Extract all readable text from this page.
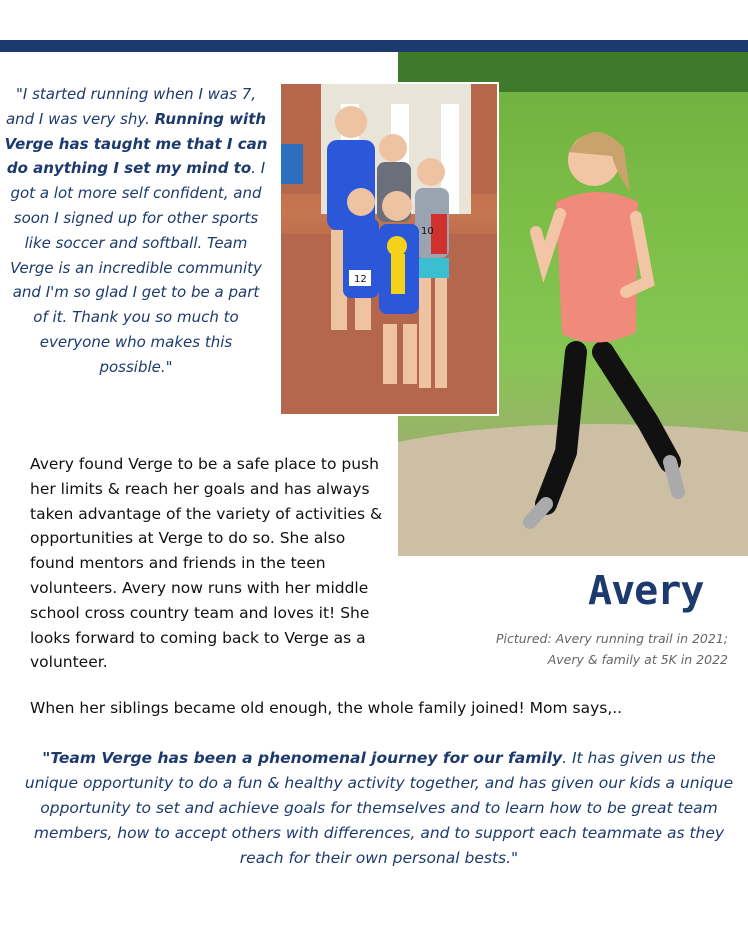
"I started running when I was 7, and I was very shy. Running with Verge has taught me that I can do anything I set my mind to. I got a lot more self confident, and soon I signed up for other sports like soccer and softball. Team Verge is an incredible community and I'm so glad I get to be a part of it. Thank you so much to everyone who makes this possible."
12
10
Avery found Verge to be a safe place to push her limits & reach her goals and has always taken advantage of the variety of activities & opportunities at Verge to do so. She also found mentors and friends in the teen volunteers. Avery now runs with her middle school cross country team and loves it! She looks forward to coming back to Verge as a volunteer.
Avery
Pictured: Avery running trail in 2021;
Avery & family at 5K in 2022
When her siblings became old enough, the whole family joined! Mom says,..
"Team Verge has been a phenomenal journey for our family. It has given us the unique opportunity to do a fun & healthy activity together, and has given our kids a unique opportunity to set and achieve goals for themselves and to learn how to be great team members, how to accept others with differences, and to support each teammate as they reach for their own personal bests."
